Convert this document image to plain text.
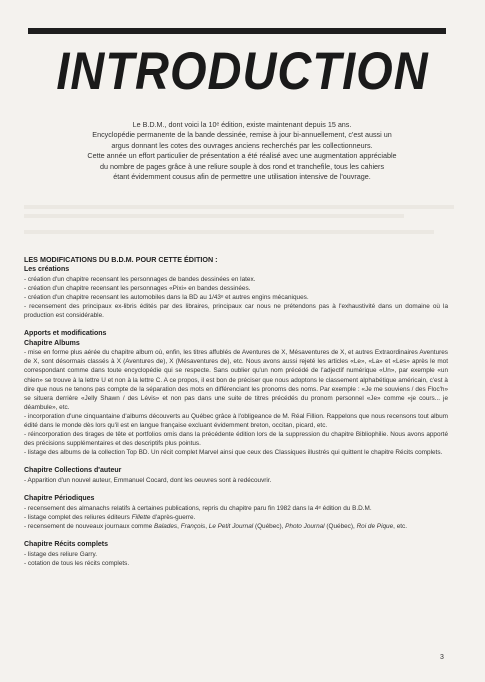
INTRODUCTION
Le B.D.M., dont voici la 10ᵉ édition, existe maintenant depuis 15 ans.
Encyclopédie permanente de la bande dessinée, remise à jour bi-annuellement, c'est aussi un
argus donnant les cotes des ouvrages anciens recherchés par les collectionneurs.
Cette année un effort particulier de présentation a été réalisé avec une augmentation appréciable
du nombre de pages grâce à une reliure souple à dos rond et tranchefile, tous les cahiers
étant évidemment cousus afin de permettre une utilisation intensive de l'ouvrage.

LES MODIFICATIONS DU B.D.M. POUR CETTE ÉDITION :

Les créations

- création d'un chapitre recensant les personnages de bandes dessinées en latex.

- création d'un chapitre recensant les personnages «Pixi» en bandes dessinées.

- création d'un chapitre recensant les automobiles dans la BD au 1/43ᵉ et autres engins mécaniques.

- recensement des principaux ex-libris édités par des libraires, principaux car nous ne prétendons pas à l'exhaustivité dans un domaine où la production est considérable.

Apports et modifications

Chapitre Albums

- mise en forme plus aérée du chapitre album où, enfin, les titres affublés de Aventures de X, Mésaventures de X, et autres Extraordinaires Aventures de X, sont désormais classés à X (Aventures de), X (Mésaventures de), etc. Nous avons aussi rejeté les articles «Le», «La» et «Les» après le mot correspondant comme dans toute encyclopédie qui se respecte. Sans oublier qu'un nom précédé de l'adjectif numérique «Un», par exemple «un chien» se trouve à la lettre U et non à la lettre C. A ce propos, il est bon de préciser que nous adoptons le classement alphabétique américain, c'est à dire que nous ne tenons pas compte de la séparation des mots en différenciant les pronoms des noms. Par exemple : «Je me souviens / des Floc'h» se situera derrière «Jelly Shawn / des Lévis» et non pas dans une suite de titres précédés du pronom personnel «Je» comme «je cours... je déambule», etc.

- incorporation d'une cinquantaine d'albums découverts au Québec grâce à l'obligeance de M. Réal Fillion. Rappelons que nous recensons tout album édité dans le monde dès lors qu'il est en langue française excluant évidemment breton, occitan, picard, etc.

- réincorporation des tirages de tête et portfolios omis dans la précédente édition lors de la suppression du chapitre Bibliophilie. Nous avons apporté des précisions supplémentaires et des descriptifs plus pointus.

- listage des albums de la collection Top BD. Un récit complet Marvel ainsi que ceux des Classiques illustrés qui quittent le chapitre Récits complets.

Chapitre Collections d'auteur

- Apparition d'un nouvel auteur, Emmanuel Cocard, dont les oeuvres sont à redécouvrir.

Chapitre Périodiques

- recensement des almanachs relatifs à certaines publications, repris du chapitre paru fin 1982 dans la 4ᵉ édition du B.D.M.

- listage complet des reliures éditeurs Fillette d'après-guerre.

- recensement de nouveaux journaux comme Balades, François, Le Petit Journal (Québec), Photo Journal (Québec), Roi de Pique, etc.

Chapitre Récits complets

- listage des reliure Garry.

- cotation de tous les récits complets.

3
